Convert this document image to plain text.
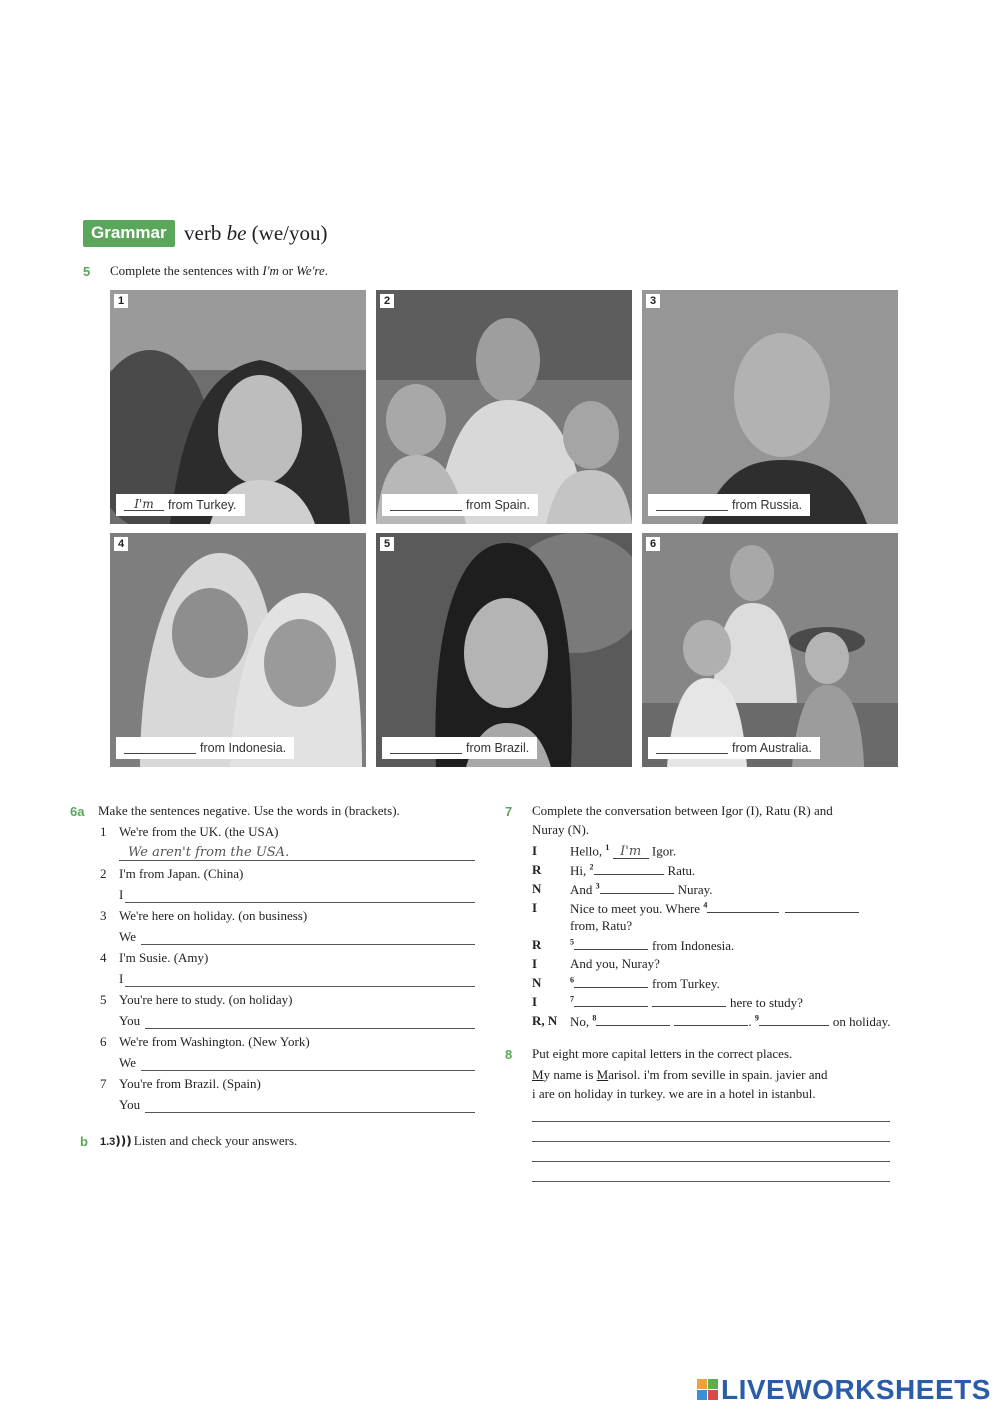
Grammar verb be (we/you)
5 Complete the sentences with I'm or We're.
1
I'm	from Turkey.
2
from Spain.
3
from Russia.
4
from Indonesia.
5
from Brazil.
6
from Australia.
6a Make the sentences negative. Use the words in (brackets).
1 We're from the UK. (the USA)
We aren't from the USA.
2 I'm from Japan. (China)
I
3 We're here on holiday. (on business)
We
4 I'm Susie. (Amy)
I
5 You're here to study. (on holiday)
You
6 We're from Washington. (New York)
We
7 You're from Brazil. (Spain)
You
b 1.3))) Listen and check your answers.
7 Complete the conversation between Igor (I), Ratu (R) and
Nuray (N).
I	Hello, $^1$ I'm Igor.
R Hi, $^2$	Ratu.
N And $^3$	Nuray.
I	Nice to meet you. Where $^4$
from, Ratu?
R	$^5$	from Indonesia.
I	And you, Nuray?
N	$^6$	from Turkey.
I	$^7$	here to study?
R, N No, $^8$	. $^9$	on holiday.
8 Put eight more capital letters in the correct places.
My name is Marisol. i'm from seville in spain. javier and
i are on holiday in turkey. we are in a hotel in istanbul.
LIVEWORKSHEETS
